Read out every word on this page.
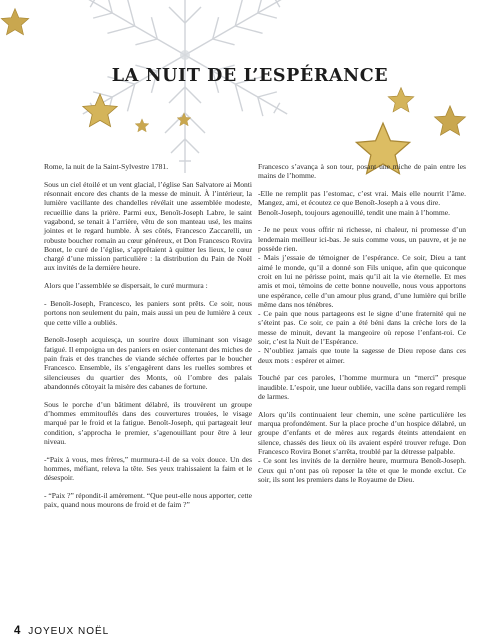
LA NUIT DE L’ESPÉRANCE

Rome, la nuit de la Saint-Sylvestre 1781.

Sous un ciel étoilé et un vent glacial, l’église San Salvatore ai Monti résonnait encore des chants de la messe de minuit. À l’intérieur, la lumière vacillante des chandelles révélait une assemblée modeste, recueillie dans la prière. Parmi eux, Benoît-Joseph Labre, le saint vagabond, se tenait à l’arrière, vêtu de son manteau usé, les mains jointes et le regard humble. À ses côtés, Francesco Zaccarelli, un robuste boucher romain au cœur généreux, et Don Francesco Rovira Bonet, le curé de l’église, s’apprêtaient à quitter les lieux, le cœur chargé d’une mission particulière : la distribution du Pain de Noël aux invités de la dernière heure.

Alors que l’assemblée se dispersait, le curé murmura :

- Benoît-Joseph, Francesco, les paniers sont prêts. Ce soir, nous portons non seulement du pain, mais aussi un peu de lumière à ceux que cette ville a oubliés.

Benoît-Joseph acquiesça, un sourire doux illuminant son visage fatigué. Il empoigna un des paniers en osier contenant des miches de pain frais et des tranches de viande séchée offertes par le boucher Francesco. Ensemble, ils s’engagèrent dans les ruelles sombres et silencieuses du quartier des Monts, où l’ombre des palais abandonnés côtoyait la misère des cabanes de fortune.

Sous le porche d’un bâtiment délabré, ils trouvèrent un groupe d’hommes emmitouflés dans des couvertures trouées, le visage marqué par le froid et la fatigue. Benoît-Joseph, qui partageait leur condition, s’approcha le premier, s’agenouillant pour être à leur niveau.

-“Paix à vous, mes frères,” murmura-t-il de sa voix douce. Un des hommes, méfiant, releva la tête. Ses yeux trahissaient la faim et le désespoir.

- “Paix ?” répondit-il amèrement. “Que peut-elle nous apporter, cette paix, quand nous mourons de froid et de faim ?”

Francesco s’avança à son tour, posant une miche de pain entre les mains de l’homme.

-Elle ne remplit pas l’estomac, c’est vrai. Mais elle nourrit l’âme. Mangez, ami, et écoutez ce que Benoît-Joseph a à vous dire.
Benoît-Joseph, toujours agenouillé, tendit une main à l’homme.

- Je ne peux vous offrir ni richesse, ni chaleur, ni promesse d’un lendemain meilleur ici-bas. Je suis comme vous, un pauvre, et je ne possède rien.
- Mais j’essaie de témoigner de l’espérance. Ce soir, Dieu a tant aimé le monde, qu’il a donné son Fils unique, afin que quiconque croit en lui ne périsse point, mais qu’il ait la vie éternelle. Et mes amis et moi, témoins de cette bonne nouvelle, nous vous apportons une espérance, celle d’un amour plus grand, d’une lumière qui brille même dans nos ténèbres.
- Ce pain que nous partageons est le signe d’une fraternité qui ne s’éteint pas. Ce soir, ce pain a été béni dans la crèche lors de la messe de minuit, devant la mangeoire où repose l’enfant-roi. Ce soir, c’est la Nuit de l’Espérance.
- N’oubliez jamais que toute la sagesse de Dieu repose dans ces deux mots : espérer et aimer.

Touché par ces paroles, l’homme murmura un “merci” presque inaudible. L’espoir, une lueur oubliée, vacilla dans son regard rempli de larmes.

Alors qu’ils continuaient leur chemin, une scène particulière les marqua profondément. Sur la place proche d’un hospice délabré, un groupe d’enfants et de mères aux regards éteints attendaient en silence, chassés des lieux où ils avaient espéré trouver refuge. Don Francesco Rovira Bonet s’arrêta, troublé par la détresse palpable.
- Ce sont les invités de la dernière heure, murmura Benoît-Joseph. Ceux qui n’ont pas où reposer la tête et que le monde exclut. Ce soir, ils sont les premiers dans le Royaume de Dieu.

4 JOYEUX NOËL
